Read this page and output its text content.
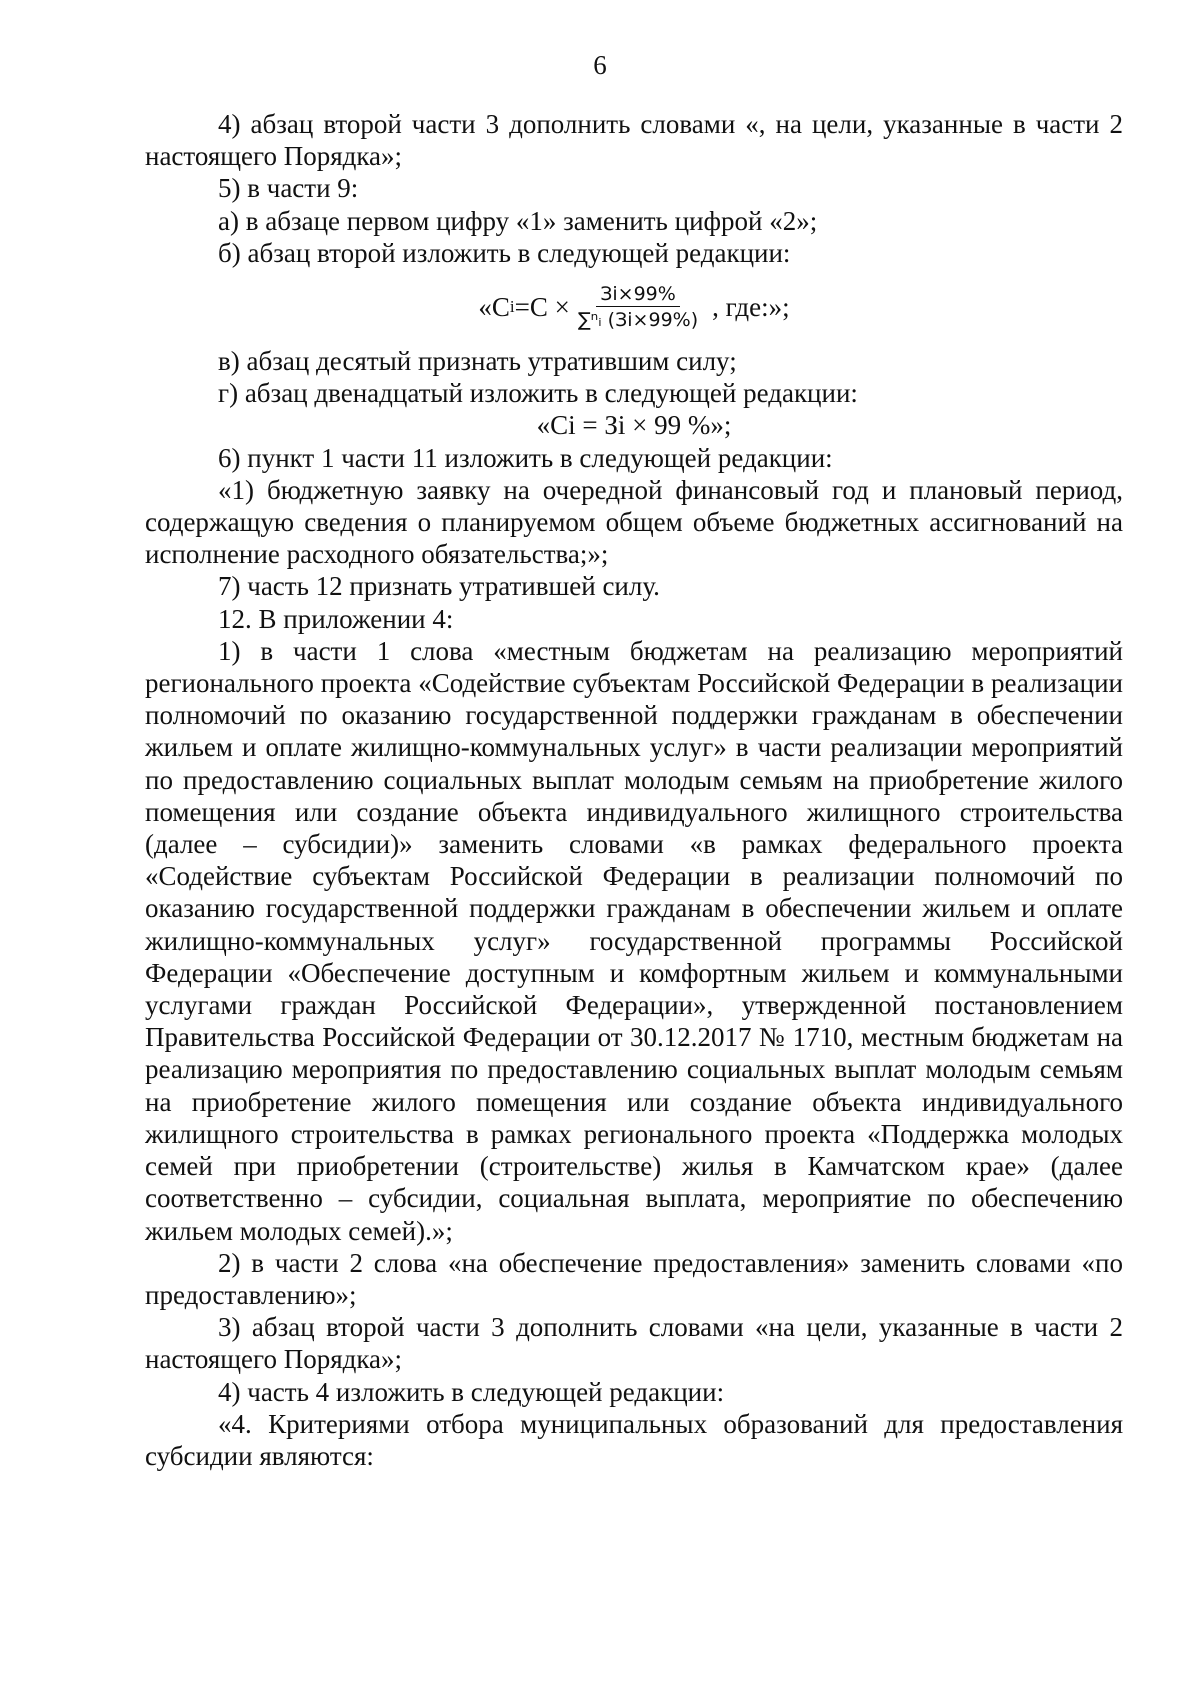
6

4) абзац второй части 3 дополнить словами «, на цели, указанные в части 2 настоящего Порядка»;

5) в части 9:

а) в абзаце первом цифру «1» заменить цифрой «2»;

б) абзац второй изложить в следующей редакции:

«C $i =C \times \frac{Зi\times 99\%}{\text{∑ⁿᵢ (Зi×99\%)}}$ , где:»;

в) абзац десятый признать утратившим силу;

г) абзац двенадцатый изложить в следующей редакции:

«Ci = Зi × 99 %»;

6) пункт 1 части 11 изложить в следующей редакции:

«1) бюджетную заявку на очередной финансовый год и плановый период, содержащую сведения о планируемом общем объеме бюджетных ассигнований на исполнение расходного обязательства;»;

7) часть 12 признать утратившей силу.

12. В приложении 4:

1) в части 1 слова «местным бюджетам на реализацию мероприятий регионального проекта «Содействие субъектам Российской Федерации в реализации полномочий по оказанию государственной поддержки гражданам в обеспечении жильем и оплате жилищно-коммунальных услуг» в части реализации мероприятий по предоставлению социальных выплат молодым семьям на приобретение жилого помещения или создание объекта индивидуального жилищного строительства (далее – субсидии)» заменить словами «в рамках федерального проекта «Содействие субъектам Российской Федерации в реализации полномочий по оказанию государственной поддержки гражданам в обеспечении жильем и оплате жилищно-коммунальных услуг» государственной программы Российской Федерации «Обеспечение доступным и комфортным жильем и коммунальными услугами граждан Российской Федерации», утвержденной постановлением Правительства Российской Федерации от 30.12.2017 № 1710, местным бюджетам на реализацию мероприятия по предоставлению социальных выплат молодым семьям на приобретение жилого помещения или создание объекта индивидуального жилищного строительства в рамках регионального проекта «Поддержка молодых семей при приобретении (строительстве) жилья в Камчатском крае» (далее соответственно – субсидии, социальная выплата, мероприятие по обеспечению жильем молодых семей).»;

2) в части 2 слова «на обеспечение предоставления» заменить словами «по предоставлению»;

3) абзац второй части 3 дополнить словами «на цели, указанные в части 2 настоящего Порядка»;

4) часть 4 изложить в следующей редакции:

«4. Критериями отбора муниципальных образований для предоставления субсидии являются:
